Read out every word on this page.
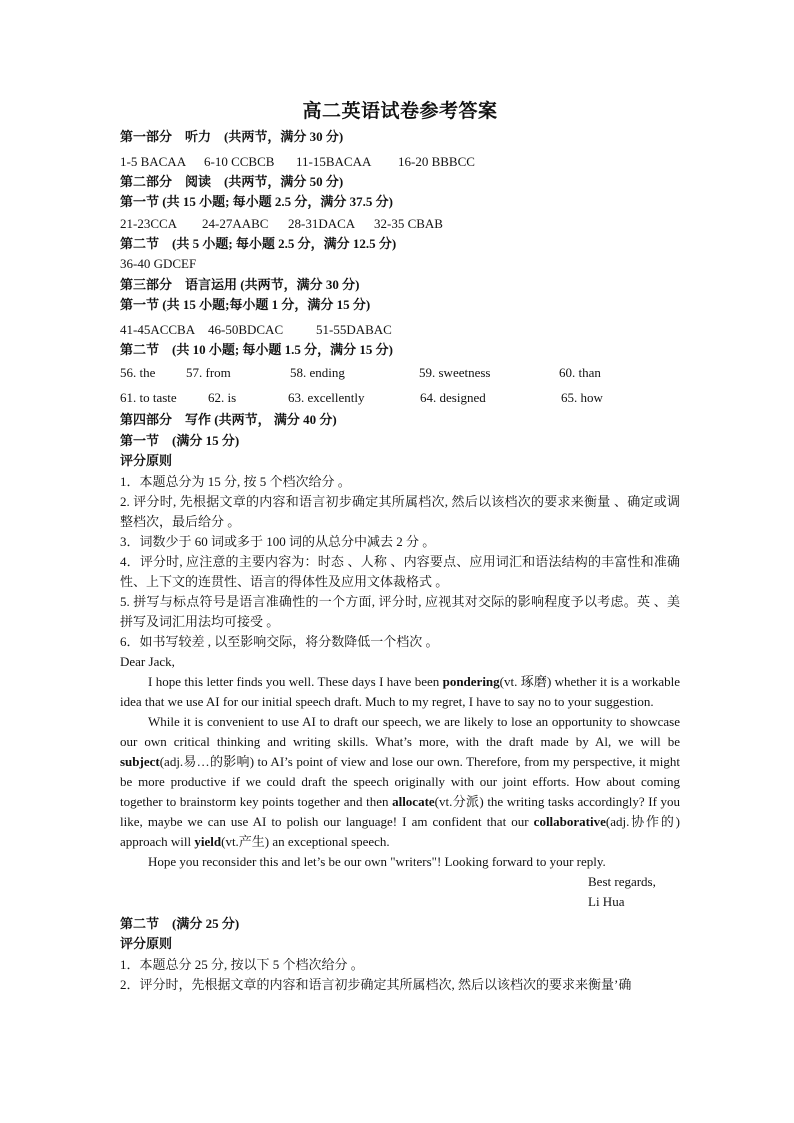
高二英语试卷参考答案
第一部分　听力　(共两节，满分 30 分)
1-5 BACAA	6-10 CCBCB	11-15BACAA	16-20 BBBCC
第二部分　阅读　(共两节，满分 50 分)
第一节 (共 15 小题; 每小题 2.5 分，满分 37.5 分)
21-23CCA	24-27AABC	28-31DACA	32-35 CBAB
第二节　(共 5 小题; 每小题 2.5 分，满分 12.5 分)
36-40 GDCEF
第三部分　语言运用 (共两节，满分 30 分)
第一节 (共 15 小题;每小题 1 分，满分 15 分)
41-45ACCBA 46-50BDCAC	51-55DABAC
第二节　(共 10 小题; 每小题 1.5 分，满分 15 分)
56. the 57. from	58. ending	59. sweetness	60. than
61. to taste 62. is	63. excellently	64. designed	65. how
第四部分　写作 (共两节， 满分 40 分)
第一节　(满分 15 分)
评分原则
1．本题总分为 15 分, 按 5 个档次给分 。
2. 评分时, 先根据文章的内容和语言初步确定其所属档次, 然后以该档次的要求来衡量 、确定或调整档次，最后给分 。
3．词数少于 60 词或多于 100 词的从总分中减去 2 分 。
4．评分时, 应注意的主要内容为：时态 、人称 、内容要点、应用词汇和语法结构的丰富性和准确性、上下文的连贯性、语言的得体性及应用文体裁格式 。
5. 拼写与标点符号是语言准确性的一个方面, 评分时, 应视其对交际的影响程度予以考虑。英 、美 拼写及词汇用法均可接受 。
6．如书写较差 , 以至影响交际，将分数降低一个档次 。
Dear Jack,
I hope this letter finds you well. These days I have been pondering(vt. 琢磨) whether it is a workable idea that we use AI for our initial speech draft. Much to my regret, I have to say no to your suggestion.
While it is convenient to use AI to draft our speech, we are likely to lose an opportunity to showcase our own critical thinking and writing skills. What’s more, with the draft made by Al, we will be subject(adj.易…的影响) to AI’s point of view and lose our own. Therefore, from my perspective, it might be more productive if we could draft the speech originally with our joint efforts. How about coming together to brainstorm key points together and then allocate(vt.分派) the writing tasks accordingly? If you like, maybe we can use AI to polish our language! I am confident that our collaborative(adj.协作的) approach will yield(vt.产生) an exceptional speech.
Hope you reconsider this and let’s be our own "writers"! Looking forward to your reply.
Best regards,
Li Hua
第二节　(满分 25 分)
评分原则
1．本题总分 25 分, 按以下 5 个档次给分 。
2．评分时，先根据文章的内容和语言初步确定其所属档次, 然后以该档次的要求来衡量’确
